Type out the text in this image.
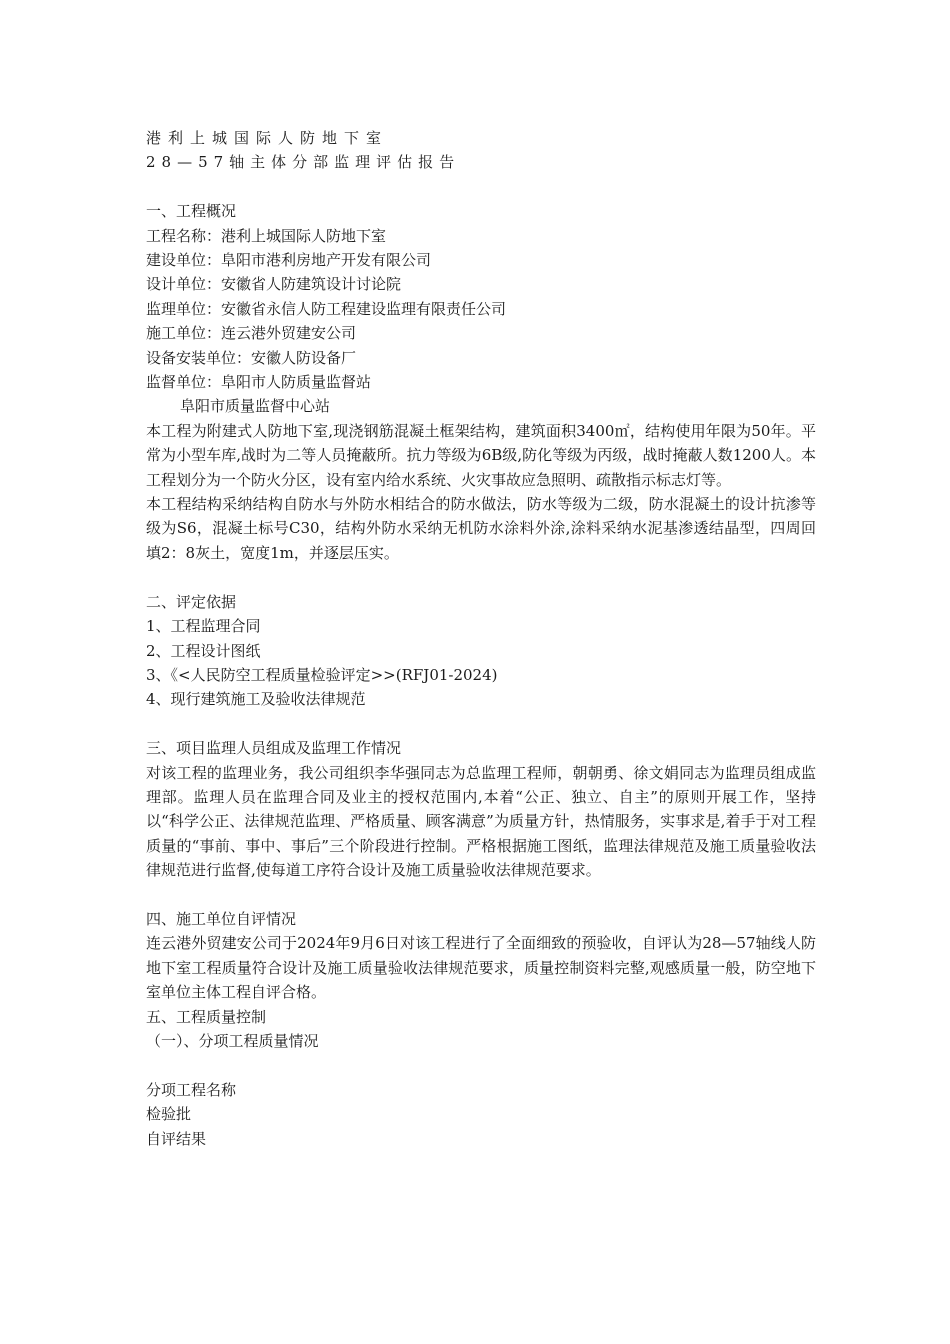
港利上城国际人防地下室

28—57轴主体分部监理评估报告

一、工程概况

工程名称：港利上城国际人防地下室

建设单位：阜阳市港利房地产开发有限公司

设计单位：安徽省人防建筑设计讨论院

监理单位：安徽省永信人防工程建设监理有限责任公司

施工单位：连云港外贸建安公司

设备安装单位：安徽人防设备厂

监督单位：阜阳市人防质量监督站

阜阳市质量监督中心站

本工程为附建式人防地下室,现浇钢筋混凝土框架结构，建筑面积3400㎡，结构使用年限为50年。平常为小型车库,战时为二等人员掩蔽所。抗力等级为6B级,防化等级为丙级，战时掩蔽人数1200人。本工程划分为一个防火分区，设有室内给水系统、火灾事故应急照明、疏散指示标志灯等。

本工程结构采纳结构自防水与外防水相结合的防水做法，防水等级为二级，防水混凝土的设计抗渗等级为S6，混凝土标号C30，结构外防水采纳无机防水涂料外涂,涂料采纳水泥基渗透结晶型，四周回填2：8灰土，宽度1m，并逐层压实。

二、评定依据

1、工程监理合同

2、工程设计图纸

3、《<人民防空工程质量检验评定>>(RFJ01-2024)

4、现行建筑施工及验收法律规范

三、项目监理人员组成及监理工作情况

对该工程的监理业务，我公司组织李华强同志为总监理工程师，朝朝勇、徐文娟同志为监理员组成监理部。监理人员在监理合同及业主的授权范围内,本着“公正、独立、自主”的原则开展工作，坚持以“科学公正、法律规范监理、严格质量、顾客满意”为质量方针，热情服务，实事求是,着手于对工程质量的“事前、事中、事后”三个阶段进行控制。严格根据施工图纸，监理法律规范及施工质量验收法律规范进行监督,使每道工序符合设计及施工质量验收法律规范要求。

四、施工单位自评情况

连云港外贸建安公司于2024年9月6日对该工程进行了全面细致的预验收，自评认为28—57轴线人防地下室工程质量符合设计及施工质量验收法律规范要求，质量控制资料完整,观感质量一般，防空地下室单位主体工程自评合格。

五、工程质量控制

（一）、分项工程质量情况

分项工程名称

检验批

自评结果
